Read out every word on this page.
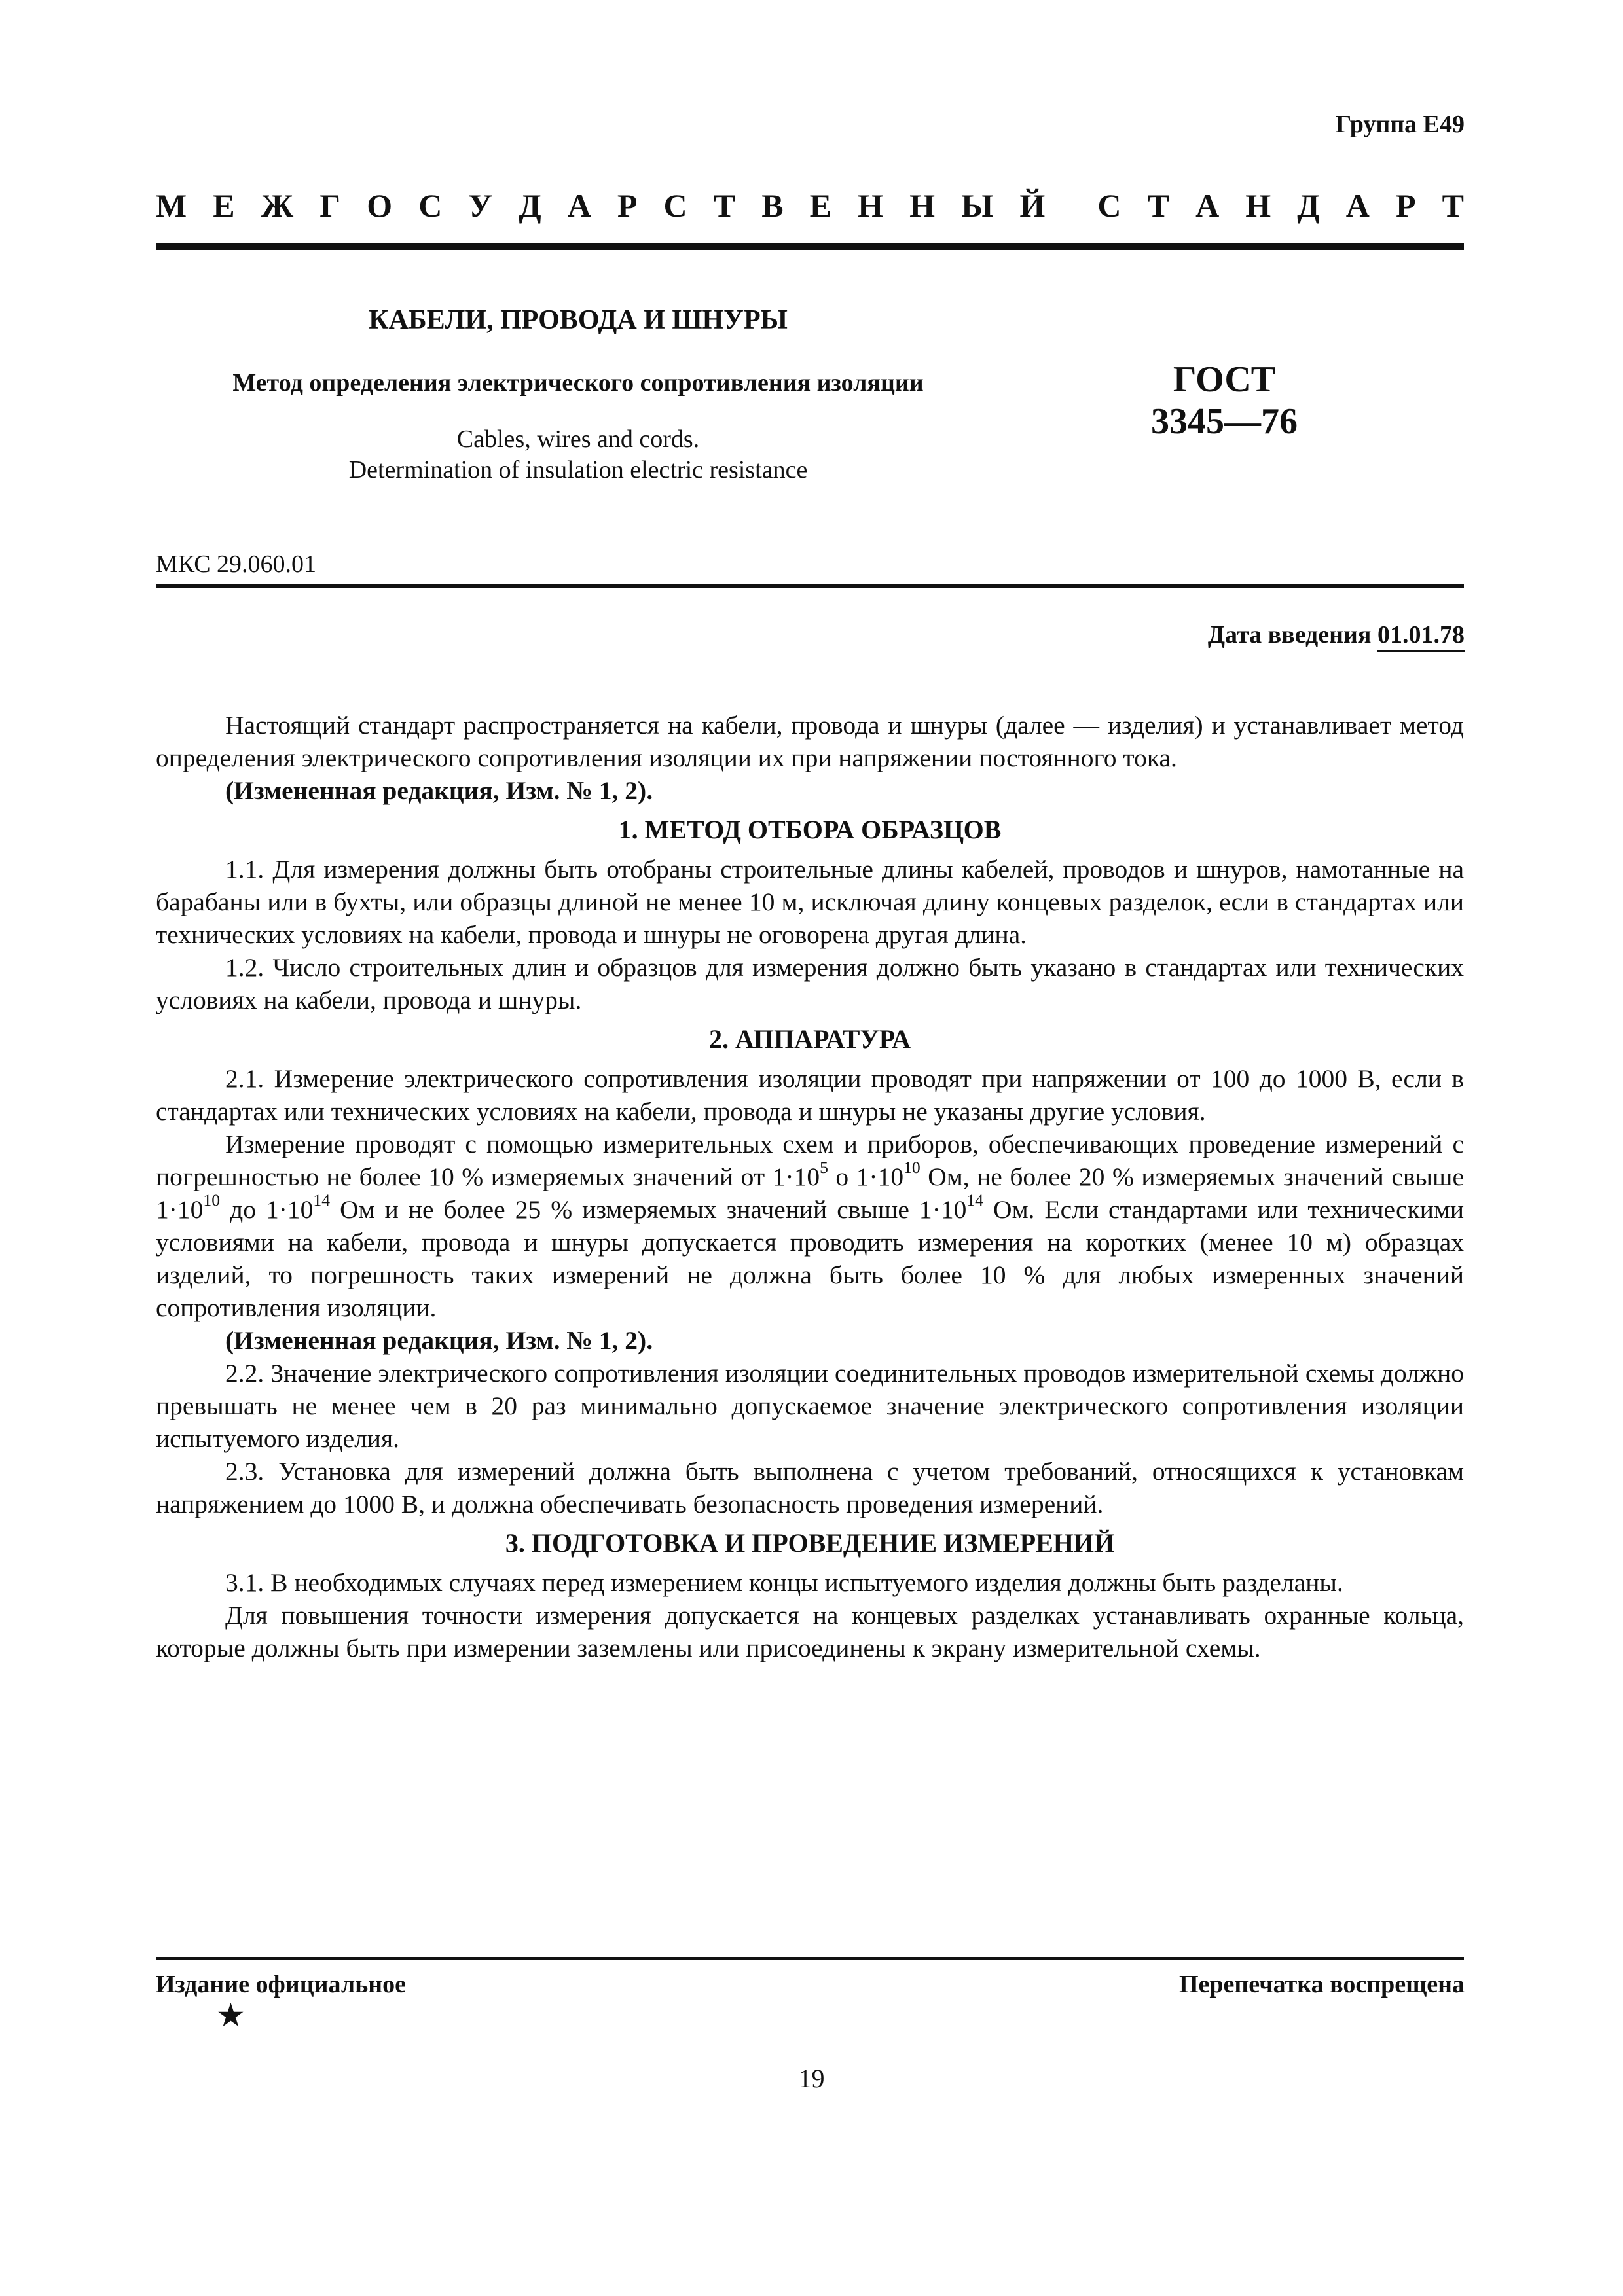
Группа Е49
М Е Ж Г О С У Д А Р С Т В Е Н Н Ы Й С Т А Н Д А Р Т
КАБЕЛИ, ПРОВОДА И ШНУРЫ
Метод определения электрического сопротивления изоляции
Cables, wires and cords.
Determination of insulation electric resistance
ГОСТ
3345—76
МКС 29.060.01
Дата введения 01.01.78

Настоящий стандарт распространяется на кабели, провода и шнуры (далее — изделия) и устанавливает метод определения электрического сопротивления изоляции их при напряжении постоянного тока.

(Измененная редакция, Изм. № 1, 2).

1. МЕТОД ОТБОРА ОБРАЗЦОВ

1.1. Для измерения должны быть отобраны строительные длины кабелей, проводов и шнуров, намотанные на барабаны или в бухты, или образцы длиной не менее 10 м, исключая длину концевых разделок, если в стандартах или технических условиях на кабели, провода и шнуры не оговорена другая длина.

1.2. Число строительных длин и образцов для измерения должно быть указано в стандартах или технических условиях на кабели, провода и шнуры.

2. АППАРАТУРА

2.1. Измерение электрического сопротивления изоляции проводят при напряжении от 100 до 1000 В, если в стандартах или технических условиях на кабели, провода и шнуры не указаны другие условия.

Измерение проводят с помощью измерительных схем и приборов, обеспечивающих проведение измерений с погрешностью не более 10 % измеряемых значений от $1\cdot 10^5$ о $1\cdot 10^{10}$ Ом, не более 20 % измеряемых значений свыше $1\cdot 10^{10}$ до $1\cdot 10^{14}$ Ом и не более 25 % измеряемых значений свыше $1\cdot 10^{14}$ Ом. Если стандартами или техническими условиями на кабели, провода и шнуры допускается проводить измерения на коротких (менее 10 м) образцах изделий, то погрешность таких измерений не должна быть более 10 % для любых измеренных значений сопротивления изоляции.

(Измененная редакция, Изм. № 1, 2).

2.2. Значение электрического сопротивления изоляции соединительных проводов измерительной схемы должно превышать не менее чем в 20 раз минимально допускаемое значение электрического сопротивления изоляции испытуемого изделия.

2.3. Установка для измерений должна быть выполнена с учетом требований, относящихся к установкам напряжением до 1000 В, и должна обеспечивать безопасность проведения измерений.

3. ПОДГОТОВКА И ПРОВЕДЕНИЕ ИЗМЕРЕНИЙ

3.1. В необходимых случаях перед измерением концы испытуемого изделия должны быть разделаны.

Для повышения точности измерения допускается на концевых разделках устанавливать охранные кольца, которые должны быть при измерении заземлены или присоединены к экрану измерительной схемы.

Издание официальное	Перепечатка воспрещена
★
19
